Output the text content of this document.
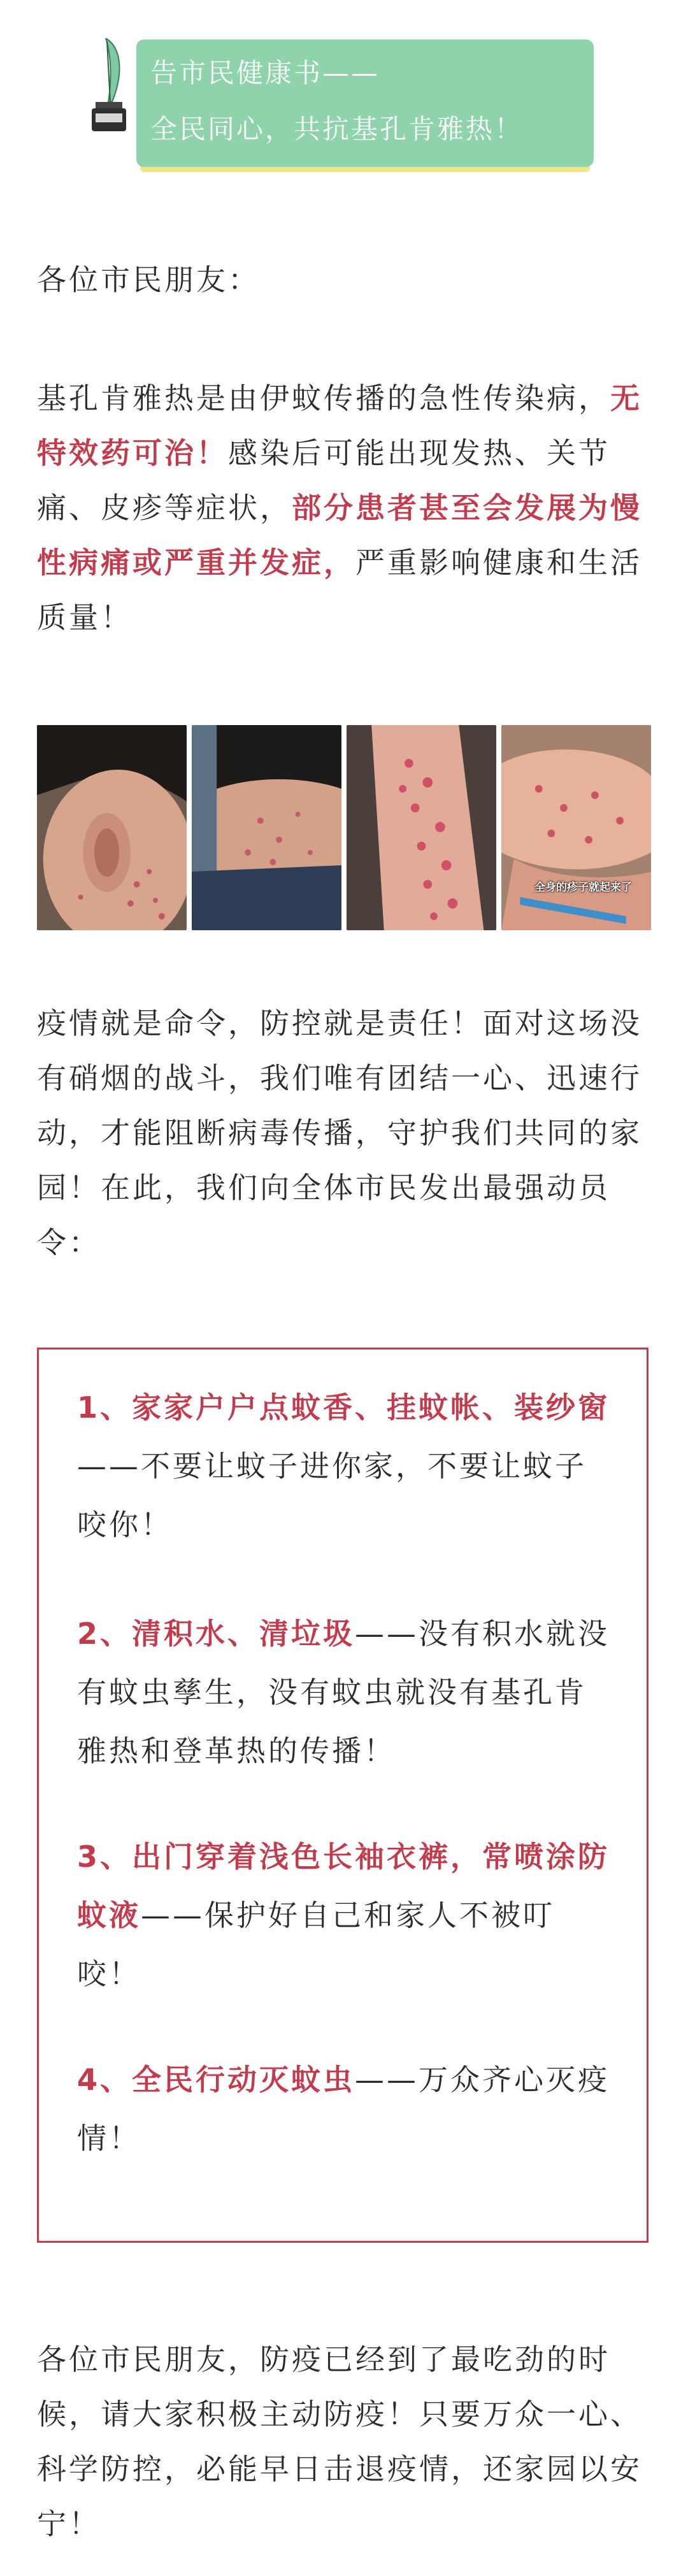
告市民健康书——
全民同心，共抗基孔肯雅热！
各位市民朋友：
基孔肯雅热是由伊蚊传播的急性传染病，无特效药可治！感染后可能出现发热、关节痛、皮疹等症状，部分患者甚至会发展为慢性病痛或严重并发症，严重影响健康和生活质量！
全身的疹子就起来了
疫情就是命令，防控就是责任！面对这场没有硝烟的战斗，我们唯有团结一心、迅速行动，才能阻断病毒传播，守护我们共同的家园！在此，我们向全体市民发出最强动员令：
1、家家户户点蚊香、挂蚊帐、装纱窗——不要让蚊子进你家，不要让蚊子咬你！
2、清积水、清垃圾——没有积水就没有蚊虫孳生，没有蚊虫就没有基孔肯雅热和登革热的传播！
3、出门穿着浅色长袖衣裤，常喷涂防蚊液——保护好自己和家人不被叮咬！
4、全民行动灭蚊虫——万众齐心灭疫情！
各位市民朋友，防疫已经到了最吃劲的时候，请大家积极主动防疫！只要万众一心、科学防控，必能早日击退疫情，还家园以安宁！
